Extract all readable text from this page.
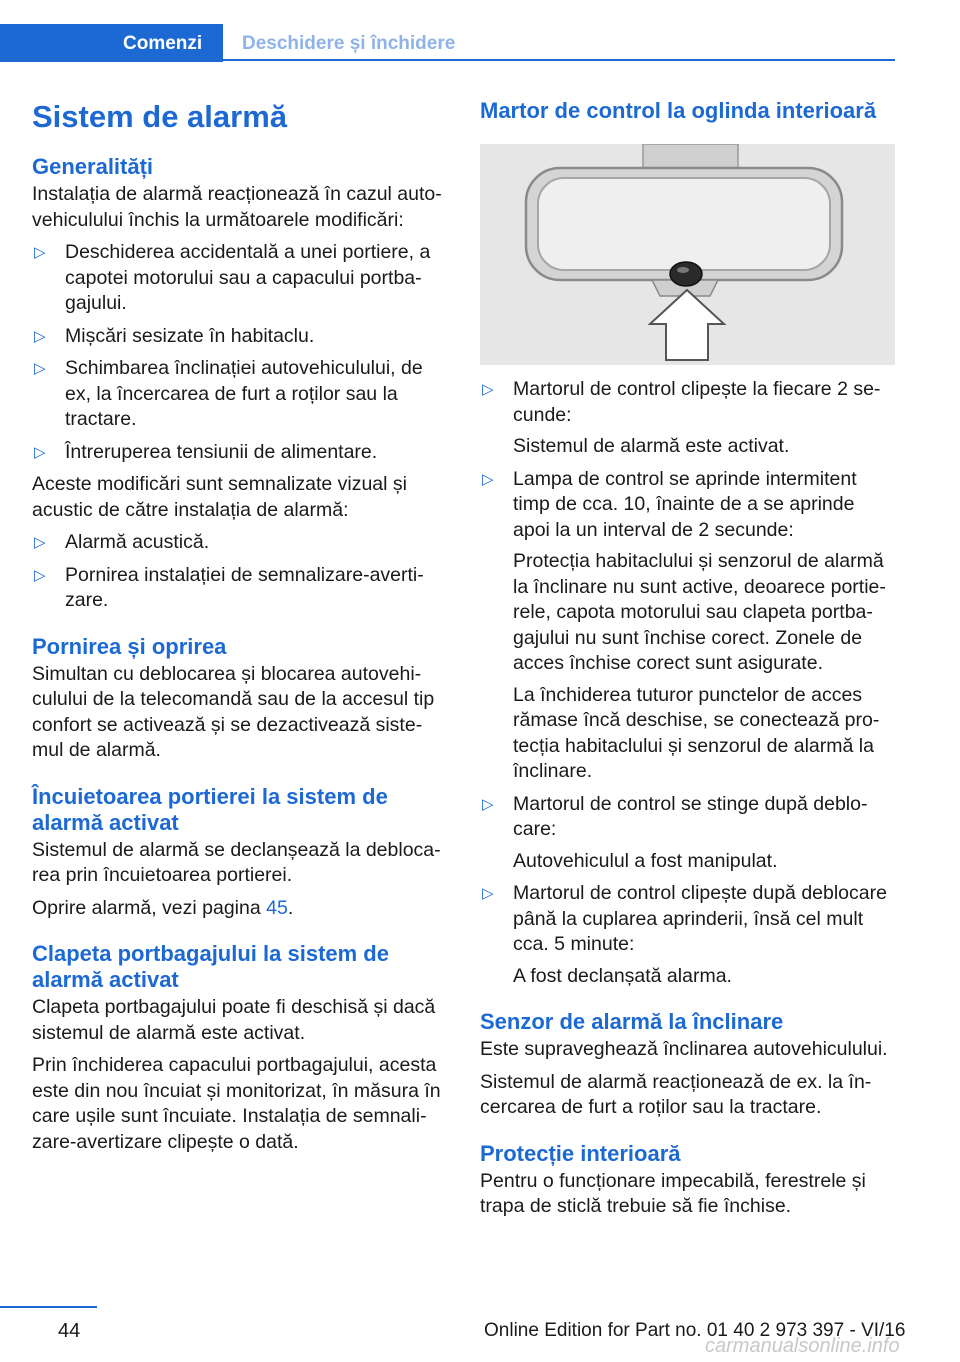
Comenzi Deschidere și închidere
Sistem de alarmă
Generalități

Instalația de alarmă reacționează în cazul autovehiculului închis la următoarele modificări:

▷ Deschiderea accidentală a unei portiere, a capotei motorului sau a capacului portbagajului.
▷ Mișcări sesizate în habitaclu.
▷ Schimbarea înclinației autovehiculului, de ex, la încercarea de furt a roților sau la tractare.
▷ Întreruperea tensiunii de alimentare.

Aceste modificări sunt semnalizate vizual și acustic de către instalația de alarmă:

▷ Alarmă acustică.
▷ Pornirea instalației de semnalizare-avertizare.
Pornirea și oprirea

Simultan cu deblocarea și blocarea autovehiculului de la telecomandă sau de la accesul tip confort se activează și se dezactivează sistemul de alarmă.

Încuietoarea portierei la sistem de alarmă activat

Sistemul de alarmă se declanșează la deblocarea prin încuietoarea portierei.

Oprire alarmă, vezi pagina 45.

Clapeta portbagajului la sistem de alarmă activat

Clapeta portbagajului poate fi deschisă și dacă sistemul de alarmă este activat.

Prin închiderea capacului portbagajului, acesta este din nou încuiat și monitorizat, în măsura în care ușile sunt încuiate. Instalația de semnalizare-avertizare clipește o dată.

Martor de control la oglinda interioară
▷ Martorul de control clipește la fiecare 2 secunde:

Sistemul de alarmă este activat.

▷ Lampa de control se aprinde intermitent timp de cca. 10, înainte de a se aprinde apoi la un interval de 2 secunde:

Protecția habitaclului și senzorul de alarmă la înclinare nu sunt active, deoarece portierele, capota motorului sau clapeta portbagajului nu sunt închise corect. Zonele de acces închise corect sunt asigurate.

La închiderea tuturor punctelor de acces rămase încă deschise, se conectează protecția habitaclului și senzorul de alarmă la înclinare.

▷ Martorul de control se stinge după deblocare:

Autovehiculul a fost manipulat.

▷ Martorul de control clipește după deblocare până la cuplarea aprinderii, însă cel mult cca. 5 minute:

A fost declanșată alarma.

Senzor de alarmă la înclinare

Este supraveghează înclinarea autovehiculului.

Sistemul de alarmă reacționează de ex. la încercarea de furt a roților sau la tractare.

Protecție interioară

Pentru o funcționare impecabilă, ferestrele și trapa de sticlă trebuie să fie închise.

44	Online Edition for Part no. 01 40 2 973 397 - VI/16
carmanualsonline.info
